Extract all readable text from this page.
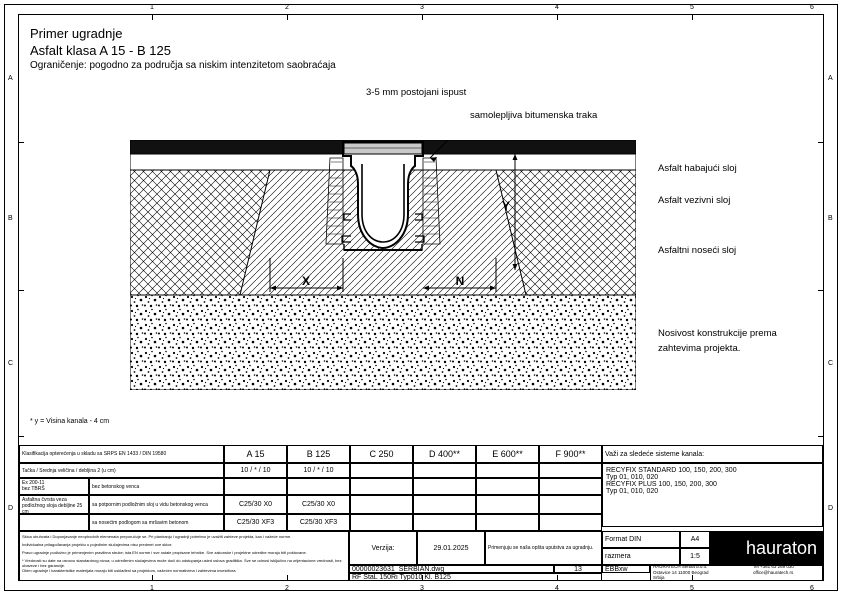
1	2	3	4	5	6
1	2	3	4	5	6
A
B
C
D
A
B
C
D
Primer ugradnje
Asfalt klasa A 15 - B 125
Ograničenje: pogodno za područja sa niskim intenzitetom saobraćaja
X	N
Y
3-5 mm postojani ispust
samolepljiva bitumenska traka
Asfalt habajući sloj
Asfalt vezivni sloj
Asfaltni noseći sloj
Nosivost konstrukcije prema
zahtevima projekta.
* y = Visina kanala - 4 cm
Klasifikacija opterećenja u skladu sa SRPS EN 1433 / DIN 19580	A 15	B 125	C 250	D 400**	E 600**	F 900**	Važi za sledeće sisteme kanala:
RECYFIX STANDARD 100, 150, 200, 300
Typ 01, 010, 020
RECYFIX PLUS 100, 150, 200, 300
Typ 01, 010, 020
Tačka / Srednja veličina / debljina 2 (u cm)	10 / * / 10	10 / * / 10
Ex 200-11
bez TBRŠ	bez betonskog venca
Asfaltna čvrsta veza
podložnog sloja debljine 25 cm
sa potpornim podložnim sloj u vidu betonskog venca	C25/30 X0	C25/30 X0
sa nosećim podlogom sa mršavim betonom	C25/30 XF3	C25/30 XF3
Skica obuhvata i Dopunjavanje neophodnih elemenata preporučuje se. Pri planiranju i ugradnji potrebno je uvažiti zahteve projekta, kao i važeće norme.
Individualna prilagođavanja projektu u pojedinim slučajevima nisu predmet ove skice.
Pravo ugradnje podložno je primenjenim pravilima struke; ista EN norme i sve ostale propisane tehnike. Sve zakonske i projektne odredbe moraju biti poštovane.
* Vrednosti su date na osnovu standardnog nivoa; u određenim slučajevima može doći do odstupanja usled uslova gradilišta. Sve se odnosi isključivo na orijentacione vrednosti, bez obaveze i bez garancije.
Obim ugradnje i karakteristike materijala moraju biti usklađeni sa projektom, važećim normativima i zahtevima investitora.
Verzija:	29.01.2025	Primenjuju se naša opšta uputstva za ugradnju.
Format DIN	A4
razmera	1:5	hauraton
00000023631_SERBIAN.dwg	13	EBBxw
RF StaL 150Ri Typ010 Kl. B125
HAURATECH Serbia d.o.o.
Ostavice 14 11000 Beograd
Srbija
Tel +381 63 269 030
office@hauratech.rs
